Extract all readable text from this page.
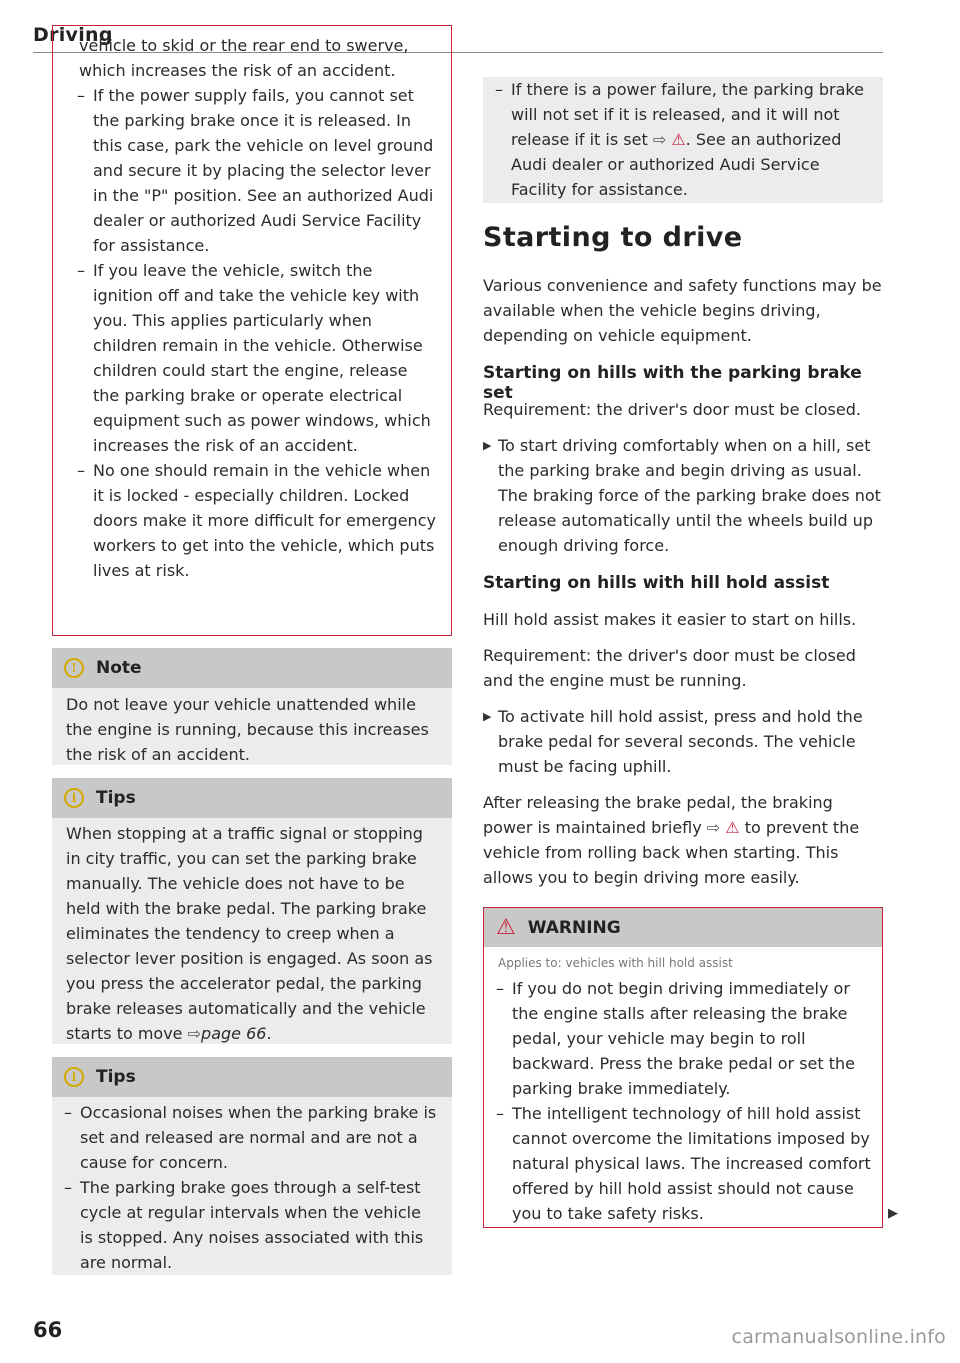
Driving

vehicle to skid or the rear end to swerve, which increases the risk of an accident.

– If the power supply fails, you cannot set the parking brake once it is released. In this case, park the vehicle on level ground and secure it by placing the selector lever in the "P" position. See an authorized Audi dealer or authorized Audi Service Facility for assistance.
– If you leave the vehicle, switch the ignition off and take the vehicle key with you. This applies particularly when children remain in the vehicle. Otherwise children could start the engine, release the parking brake or operate electrical equipment such as power windows, which increases the risk of an accident.
– No one should remain in the vehicle when it is locked - especially children. Locked doors make it more difficult for emergency workers to get into the vehicle, which puts lives at risk.
!	Note

Do not leave your vehicle unattended while the engine is running, because this increases the risk of an accident.

i	Tips

When stopping at a traffic signal or stopping in city traffic, you can set the parking brake manually. The vehicle does not have to be held with the brake pedal. The parking brake eliminates the tendency to creep when a selector lever position is engaged. As soon as you press the accelerator pedal, the parking brake releases automatically and the vehicle starts to move ⇨page 66.

i	Tips
– Occasional noises when the parking brake is set and released are normal and are not a cause for concern.
– The parking brake goes through a self-test cycle at regular intervals when the vehicle is stopped. Any noises associated with this are normal.
– If there is a power failure, the parking brake will not set if it is released, and it will not release if it is set ⇨ ⚠. See an authorized Audi dealer or authorized Audi Service Facility for assistance.
Starting to drive

Various convenience and safety functions may be available when the vehicle begins driving, depending on vehicle equipment.

Starting on hills with the parking brake set

Requirement: the driver's door must be closed.

▶ To start driving comfortably when on a hill, set the parking brake and begin driving as usual. The braking force of the parking brake does not release automatically until the wheels build up enough driving force.

Starting on hills with hill hold assist

Hill hold assist makes it easier to start on hills.

Requirement: the driver's door must be closed and the engine must be running.

▶ To activate hill hold assist, press and hold the brake pedal for several seconds. The vehicle must be facing uphill.

After releasing the brake pedal, the braking power is maintained briefly ⇨ ⚠ to prevent the vehicle from rolling back when starting. This allows you to begin driving more easily.

⚠ WARNING
Applies to: vehicles with hill hold assist
– If you do not begin driving immediately or the engine stalls after releasing the brake pedal, your vehicle may begin to roll backward. Press the brake pedal or set the parking brake immediately.
– The intelligent technology of hill hold assist cannot overcome the limitations imposed by natural physical laws. The increased comfort offered by hill hold assist should not cause you to take safety risks.	▶
66	carmanualsonline.info
